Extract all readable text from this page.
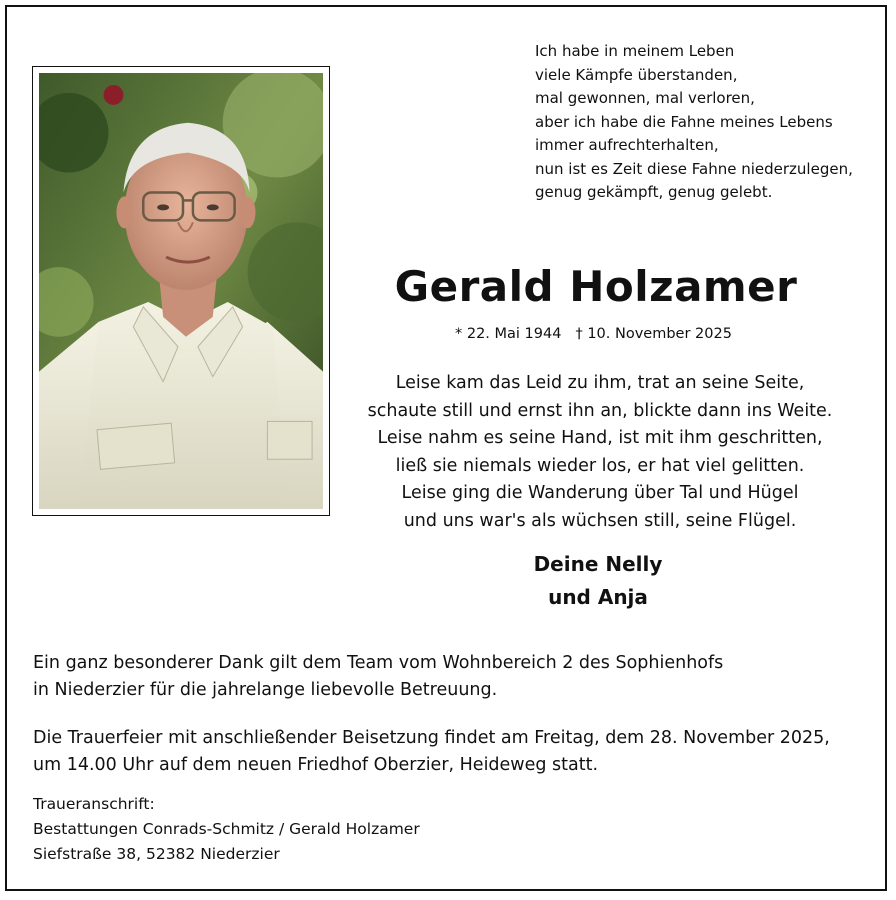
Ich habe in meinem Leben
viele Kämpfe überstanden,
mal gewonnen, mal verloren,
aber ich habe die Fahne meines Lebens
immer aufrechterhalten,
nun ist es Zeit diese Fahne niederzulegen,
genug gekämpft, genug gelebt.
Gerald Holzamer
* 22. Mai 1944 † 10. November 2025
Leise kam das Leid zu ihm, trat an seine Seite,
schaute still und ernst ihn an, blickte dann ins Weite.
Leise nahm es seine Hand, ist mit ihm geschritten,
ließ sie niemals wieder los, er hat viel gelitten.
Leise ging die Wanderung über Tal und Hügel
und uns war's als wüchsen still, seine Flügel.
Deine Nelly
und Anja
Ein ganz besonderer Dank gilt dem Team vom Wohnbereich 2 des Sophienhofs
in Niederzier für die jahrelange liebevolle Betreuung.
Die Trauerfeier mit anschließender Beisetzung findet am Freitag, dem 28. November 2025,
um 14.00 Uhr auf dem neuen Friedhof Oberzier, Heideweg statt.
Traueranschrift:
Bestattungen Conrads-Schmitz / Gerald Holzamer
Siefstraße 38, 52382 Niederzier
